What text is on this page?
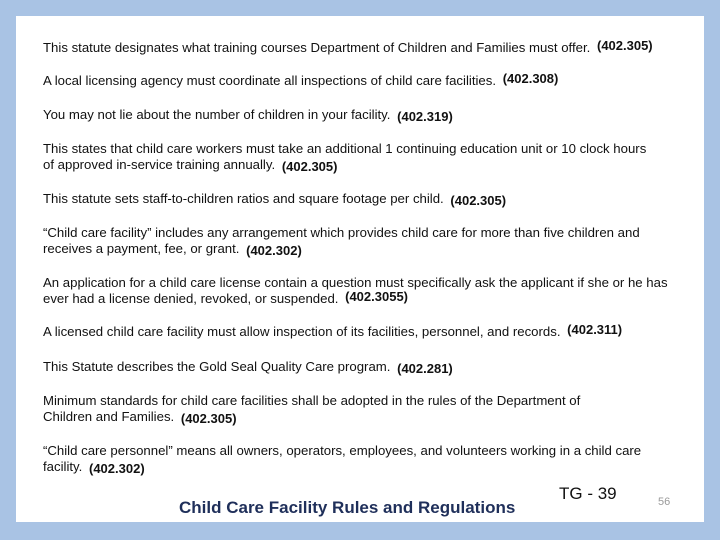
This statute designates what training courses Department of Children and Families must offer. (402.305)
A local licensing agency must coordinate all inspections of child care facilities. (402.308)
You may not lie about the number of children in your facility. (402.319)
This states that child care workers must take an additional 1 continuing education unit or 10 clock hours of approved in-service training annually. (402.305)
This statute sets staff-to-children ratios and square footage per child. (402.305)
“Child care facility” includes any arrangement which provides child care for more than five children and receives a payment, fee, or grant. (402.302)
An application for a child care license contain a question must specifically ask the applicant if she or he has ever had a license denied, revoked, or suspended. (402.3055)
A licensed child care facility must allow inspection of its facilities, personnel, and records. (402.311)
This Statute describes the Gold Seal Quality Care program. (402.281)
Minimum standards for child care facilities shall be adopted in the rules of the Department of Children and Families. (402.305)
“Child care personnel” means all owners, operators, employees, and volunteers working in a child care facility. (402.302)
Child Care Facility Rules and Regulations
TG - 39	56
